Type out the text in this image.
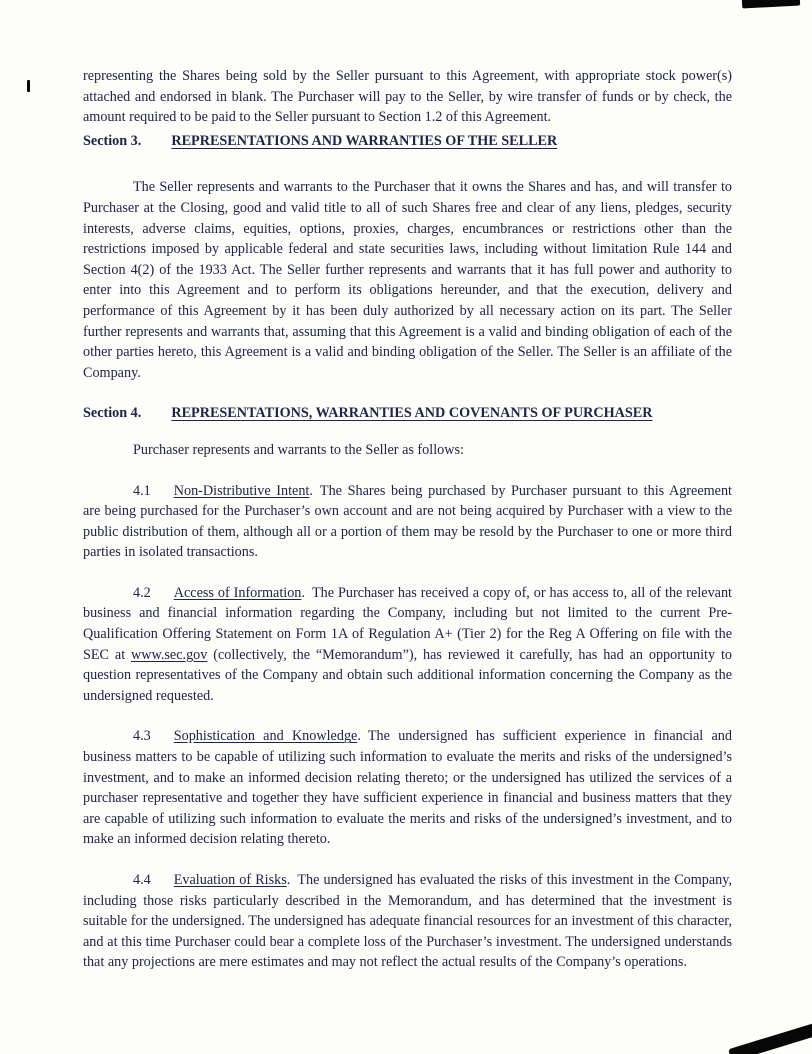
representing the Shares being sold by the Seller pursuant to this Agreement, with appropriate stock power(s) attached and endorsed in blank. The Purchaser will pay to the Seller, by wire transfer of funds or by check, the amount required to be paid to the Seller pursuant to Section 1.2 of this Agreement.

Section 3. REPRESENTATIONS AND WARRANTIES OF THE SELLER

The Seller represents and warrants to the Purchaser that it owns the Shares and has, and will transfer to Purchaser at the Closing, good and valid title to all of such Shares free and clear of any liens, pledges, security interests, adverse claims, equities, options, proxies, charges, encumbrances or restrictions other than the restrictions imposed by applicable federal and state securities laws, including without limitation Rule 144 and Section 4(2) of the 1933 Act. The Seller further represents and warrants that it has full power and authority to enter into this Agreement and to perform its obligations hereunder, and that the execution, delivery and performance of this Agreement by it has been duly authorized by all necessary action on its part. The Seller further represents and warrants that, assuming that this Agreement is a valid and binding obligation of each of the other parties hereto, this Agreement is a valid and binding obligation of the Seller. The Seller is an affiliate of the Company.

Section 4. REPRESENTATIONS, WARRANTIES AND COVENANTS OF PURCHASER

Purchaser represents and warrants to the Seller as follows:

4.1 Non-Distributive Intent. The Shares being purchased by Purchaser pursuant to this Agreement are being purchased for the Purchaser’s own account and are not being acquired by Purchaser with a view to the public distribution of them, although all or a portion of them may be resold by the Purchaser to one or more third parties in isolated transactions.

4.2 Access of Information. The Purchaser has received a copy of, or has access to, all of the relevant business and financial information regarding the Company, including but not limited to the current Pre-Qualification Offering Statement on Form 1A of Regulation A+ (Tier 2) for the Reg A Offering on file with the SEC at www.sec.gov (collectively, the “Memorandum”), has reviewed it carefully, has had an opportunity to question representatives of the Company and obtain such additional information concerning the Company as the undersigned requested.

4.3 Sophistication and Knowledge. The undersigned has sufficient experience in financial and business matters to be capable of utilizing such information to evaluate the merits and risks of the undersigned’s investment, and to make an informed decision relating thereto; or the undersigned has utilized the services of a purchaser representative and together they have sufficient experience in financial and business matters that they are capable of utilizing such information to evaluate the merits and risks of the undersigned’s investment, and to make an informed decision relating thereto.

4.4 Evaluation of Risks. The undersigned has evaluated the risks of this investment in the Company, including those risks particularly described in the Memorandum, and has determined that the investment is suitable for the undersigned. The undersigned has adequate financial resources for an investment of this character, and at this time Purchaser could bear a complete loss of the Purchaser’s investment. The undersigned understands that any projections are mere estimates and may not reflect the actual results of the Company’s operations.
